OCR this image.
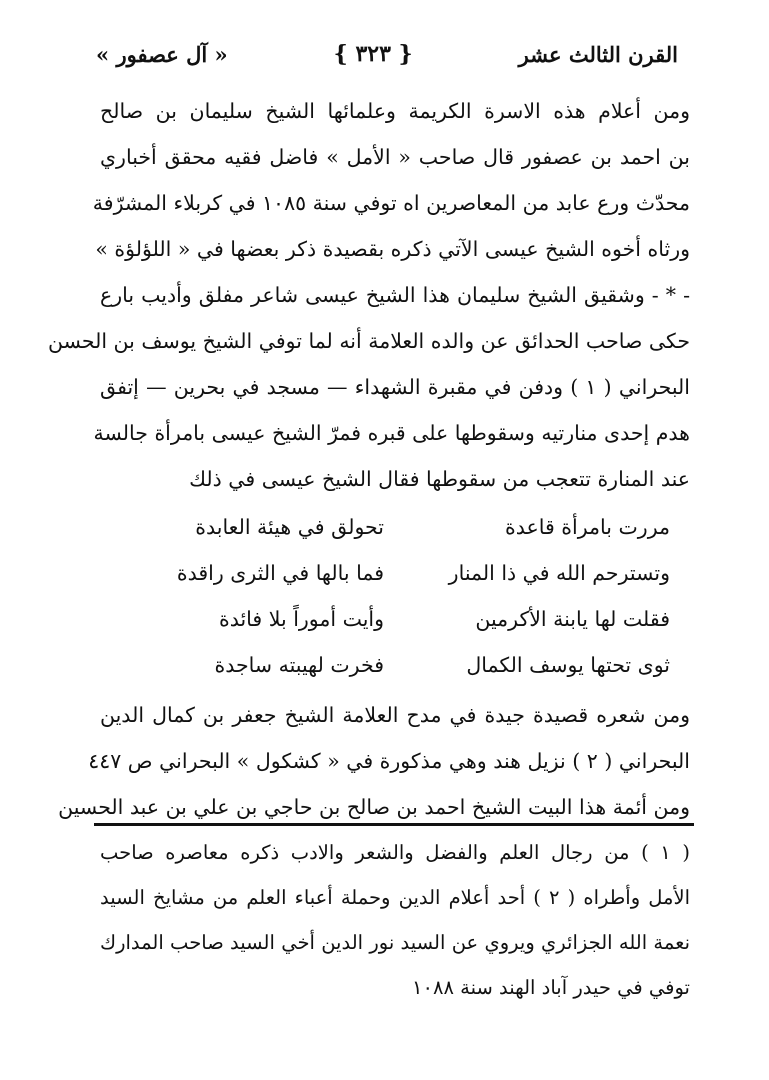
القرن الثالث عشر
{ ٣٢٣ }
« آل عصفور »
ومن أعلام هذه الاسرة الكريمة وعلمائها الشيخ سليمان بن صالح
بن احمد بن عصفور قال صاحب « الأمل » فاضل فقيه محقق أخباري
محدّث ورع عابد من المعاصرين اه توفي سنة ١٠٨٥ في كربلاء المشرّفة
ورثاه أخوه الشيخ عيسى الآتي ذكره بقصيدة ذكر بعضها في « اللؤلؤة »
- * - وشقيق الشيخ سليمان هذا الشيخ عيسى شاعر مفلق وأديب بارع
حكى صاحب الحدائق عن والده العلامة أنه لما توفي الشيخ يوسف بن الحسن
البحراني ( ١ ) ودفن في مقبرة الشهداء — مسجد في بحرين — إتفق
هدم إحدى منارتيه وسقوطها على قبره فمرّ الشيخ عيسى بامرأة جالسة
عند المنارة تتعجب من سقوطها فقال الشيخ عيسى في ذلك
مررت بامرأة قاعدة
تحولق في هيئة العابدة
وتسترحم الله في ذا المنار
فما بالها في الثرى راقدة
فقلت لها يابنة الأكرمين
وأيت أموراً بلا فائدة
ثوى تحتها يوسف الكمال
فخرت لهيبته ساجدة
ومن شعره قصيدة جيدة في مدح العلامة الشيخ جعفر بن كمال الدين
البحراني ( ٢ ) نزيل هند وهي مذكورة في « كشكول » البحراني ص ٤٤٧
ومن أئمة هذا البيت الشيخ احمد بن صالح بن حاجي بن علي بن عبد الحسين
( ١ ) من رجال العلم والفضل والشعر والادب ذكره معاصره صاحب
الأمل وأطراه ( ٢ ) أحد أعلام الدين وحملة أعباء العلم من مشايخ السيد
نعمة الله الجزائري ويروي عن السيد نور الدين أخي السيد صاحب المدارك
توفي في حيدر آباد الهند سنة ١٠٨٨
